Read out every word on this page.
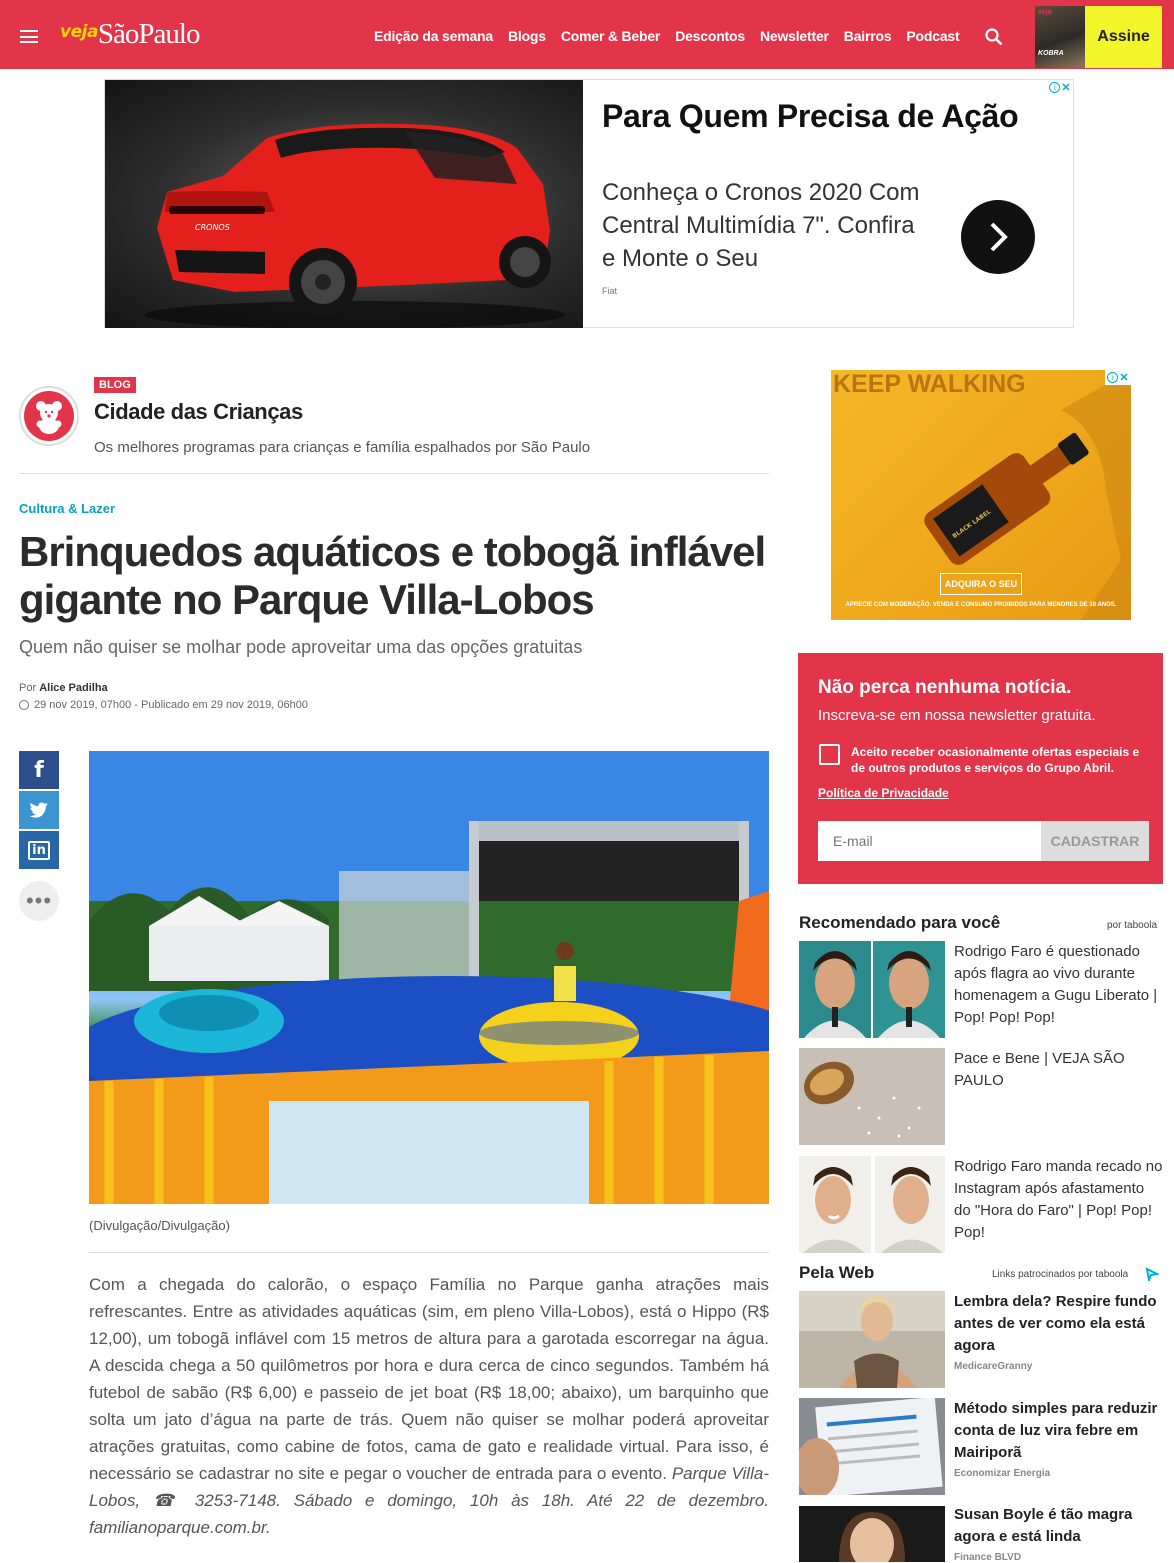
vejaSãoPaulo	Edição da semana Blogs Comer & Beber Descontos Newsletter Bairros Podcast
veja
KOBRA
Assine
CRONOS
Para Quem Precisa de Ação
Conheça o Cronos 2020 Com Central Multimídia 7". Confira e Monte o Seu
Fiat
i ✕
BLOG
Cidade das Crianças
Os melhores programas para crianças e família espalhados por São Paulo
Cultura & Lazer
Brinquedos aquáticos e tobogã inflável gigante no Parque Villa-Lobos
Quem não quiser se molhar pode aproveitar uma das opções gratuitas
Por Alice Padilha
29 nov 2019, 07h00 - Publicado em 29 nov 2019, 06h00
f
in
•••
(Divulgação/Divulgação)
Com a chegada do calorão, o espaço Família no Parque ganha atrações mais refrescantes. Entre as atividades aquáticas (sim, em pleno Villa-Lobos), está o Hippo (R$ 12,00), um tobogã inflável com 15 metros de altura para a garotada escorregar na água. A descida chega a 50 quilômetros por hora e dura cerca de cinco segundos. Também há futebol de sabão (R$ 6,00) e passeio de jet boat (R$ 18,00; abaixo), um barquinho que solta um jato d’água na parte de trás. Quem não quiser se molhar poderá aproveitar atrações gratuitas, como cabine de fotos, cama de gato e realidade virtual. Para isso, é necessário se cadastrar no site e pegar o voucher de entrada para o evento. Parque Villa-Lobos, ☎ 3253-7148. Sábado e domingo, 10h às 18h. Até 22 de dezembro. familianoparque.com.br.
KEEP WALKING
BLACK LABEL
ADQUIRA O SEU
APRECIE COM MODERAÇÃO. VENDA E CONSUMO PROIBIDOS PARA MENORES DE 18 ANOS.
i ✕
Não perca nenhuma notícia.
Inscreva-se em nossa newsletter gratuita.
Aceito receber ocasionalmente ofertas especiais e de outros produtos e serviços do Grupo Abril.
Política de Privacidade
E-mail
CADASTRAR
Recomendado para você	por taboola
Rodrigo Faro é questionado após flagra ao vivo durante homenagem a Gugu Liberato | Pop! Pop! Pop!
Pace e Bene | VEJA SÃO PAULO
Rodrigo Faro manda recado no Instagram após afastamento do "Hora do Faro" | Pop! Pop! Pop!
Pela Web	Links patrocinados por taboola
Lembra dela? Respire fundo antes de ver como ela está agora
MedicareGranny
Método simples para reduzir conta de luz vira febre em Mairiporã
Economizar Energia
Susan Boyle é tão magra agora e está linda
Finance BLVD
